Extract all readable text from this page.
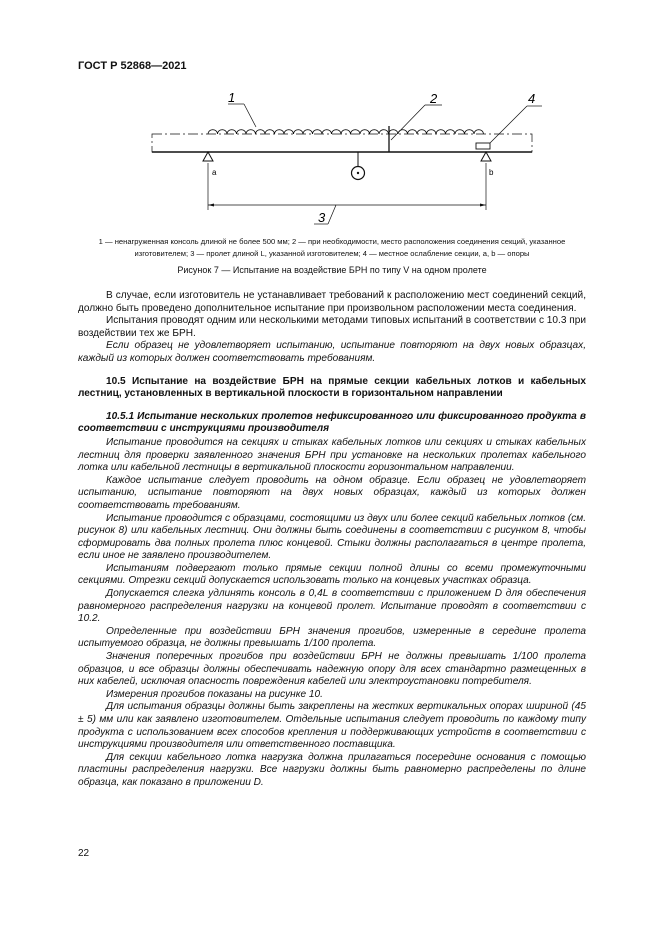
ГОСТ Р 52868—2021
1	2	4
3
a	b
1 — ненагруженная консоль длиной не более 500 мм; 2 — при необходимости, место расположения соединения секций, указанное
изготовителем; 3 — пролет длиной L, указанной изготовителем; 4 — местное ослабление секции, a, b — опоры
Рисунок 7 — Испытание на воздействие БРН по типу V на одном пролете

В случае, если изготовитель не устанавливает требований к расположению мест соединений секций, должно быть проведено дополнительное испытание при произвольном расположении места соединения.

Испытания проводят одним или несколькими методами типовых испытаний в соответствии с 10.3 при воздействии тех же БРН.

Если образец не удовлетворяет испытанию, испытание повторяют на двух новых образцах, каждый из которых должен соответствовать требованиям.

10.5 Испытание на воздействие БРН на прямые секции кабельных лотков и кабельных лестниц, установленных в вертикальной плоскости в горизонтальном направлении
10.5.1 Испытание нескольких пролетов нефиксированного или фиксированного продукта в соответствии с инструкциями производителя

Испытание проводится на секциях и стыках кабельных лотков или секциях и стыках кабельных лестниц для проверки заявленного значения БРН при установке на нескольких пролетах кабельного лотка или кабельной лестницы в вертикальной плоскости горизонтальном направлении.

Каждое испытание следует проводить на одном образце. Если образец не удовлетворяет испытанию, испытание повторяют на двух новых образцах, каждый из которых должен соответствовать требованиям.

Испытание проводится с образцами, состоящими из двух или более секций кабельных лотков (см. рисунок 8) или кабельных лестниц. Они должны быть соединены в соответствии с рисунком 8, чтобы сформировать два полных пролета плюс концевой. Стыки должны располагаться в центре пролета, если иное не заявлено производителем.

Испытаниям подвергают только прямые секции полной длины со всеми промежуточными секциями. Отрезки секций допускается использовать только на концевых участках образца.

Допускается слегка удлинять консоль в 0,4L в соответствии с приложением D для обеспечения равномерного распределения нагрузки на концевой пролет. Испытание проводят в соответствии с 10.2.

Определенные при воздействии БРН значения прогибов, измеренные в середине пролета испытуемого образца, не должны превышать 1/100 пролета.

Значения поперечных прогибов при воздействии БРН не должны превышать 1/100 пролета образцов, и все образцы должны обеспечивать надежную опору для всех стандартно размещенных в них кабелей, исключая опасность повреждения кабелей или электроустановки потребителя.

Измерения прогибов показаны на рисунке 10.

Для испытания образцы должны быть закреплены на жестких вертикальных опорах шириной (45 ± 5) мм или как заявлено изготовителем. Отдельные испытания следует проводить по каждому типу продукта с использованием всех способов крепления и поддерживающих устройств в соответствии с инструкциями производителя или ответственного поставщика.

Для секции кабельного лотка нагрузка должна прилагаться посередине основания с помощью пластины распределения нагрузки. Все нагрузки должны быть равномерно распределены по длине образца, как показано в приложении D.

22
